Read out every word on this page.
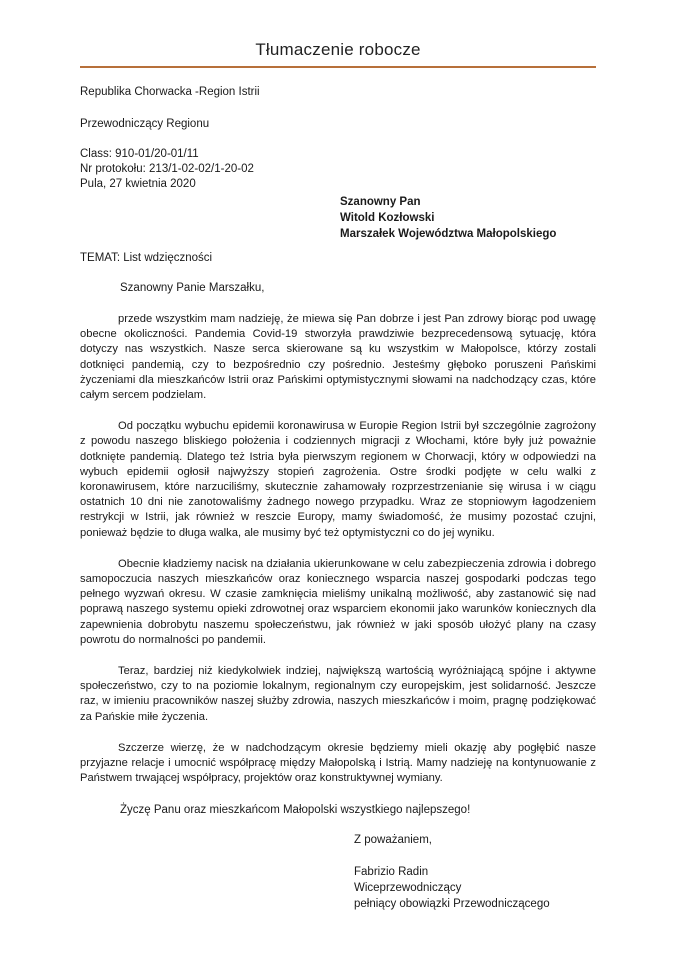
Tłumaczenie robocze
Republika Chorwacka -Region Istrii
Przewodniczący Regionu
Class: 910-01/20-01/11
Nr protokołu: 213/1-02-02/1-20-02
Pula, 27 kwietnia 2020
Szanowny Pan
Witold Kozłowski
Marszałek Województwa Małopolskiego
TEMAT: List wdzięczności
Szanowny Panie Marszałku,

przede wszystkim mam nadzieję, że miewa się Pan dobrze i jest Pan zdrowy biorąc pod uwagę obecne okoliczności. Pandemia Covid-19 stworzyła prawdziwie bezprecedensową sytuację, która dotyczy nas wszystkich. Nasze serca skierowane są ku wszystkim w Małopolsce, którzy zostali dotknięci pandemią, czy to bezpośrednio czy pośrednio. Jesteśmy głęboko poruszeni Pańskimi życzeniami dla mieszkańców Istrii oraz Pańskimi optymistycznymi słowami na nadchodzący czas, które całym sercem podzielam.

Od początku wybuchu epidemii koronawirusa w Europie Region Istrii był szczególnie zagrożony z powodu naszego bliskiego położenia i codziennych migracji z Włochami, które były już poważnie dotknięte pandemią. Dlatego też Istria była pierwszym regionem w Chorwacji, który w odpowiedzi na wybuch epidemii ogłosił najwyższy stopień zagrożenia. Ostre środki podjęte w celu walki z koronawirusem, które narzuciliśmy, skutecznie zahamowały rozprzestrzenianie się wirusa i w ciągu ostatnich 10 dni nie zanotowaliśmy żadnego nowego przypadku. Wraz ze stopniowym łagodzeniem restrykcji w Istrii, jak również w reszcie Europy, mamy świadomość, że musimy pozostać czujni, ponieważ będzie to długa walka, ale musimy być też optymistyczni co do jej wyniku.

Obecnie kładziemy nacisk na działania ukierunkowane w celu zabezpieczenia zdrowia i dobrego samopoczucia naszych mieszkańców oraz koniecznego wsparcia naszej gospodarki podczas tego pełnego wyzwań okresu. W czasie zamknięcia mieliśmy unikalną możliwość, aby zastanowić się nad poprawą naszego systemu opieki zdrowotnej oraz wsparciem ekonomii jako warunków koniecznych dla zapewnienia dobrobytu naszemu społeczeństwu, jak również w jaki sposób ułożyć plany na czasy powrotu do normalności po pandemii.

Teraz, bardziej niż kiedykolwiek indziej, największą wartością wyróżniającą spójne i aktywne społeczeństwo, czy to na poziomie lokalnym, regionalnym czy europejskim, jest solidarność. Jeszcze raz, w imieniu pracowników naszej służby zdrowia, naszych mieszkańców i moim, pragnę podziękować za Pańskie miłe życzenia.

Szczerze wierzę, że w nadchodzącym okresie będziemy mieli okazję aby pogłębić nasze przyjazne relacje i umocnić współpracę między Małopolską i Istrią. Mamy nadzieję na kontynuowanie z Państwem trwającej współpracy, projektów oraz konstruktywnej wymiany.

Życzę Panu oraz mieszkańcom Małopolski wszystkiego najlepszego!
Z poważaniem,
Fabrizio Radin
Wiceprzewodniczący
pełniący obowiązki Przewodniczącego
